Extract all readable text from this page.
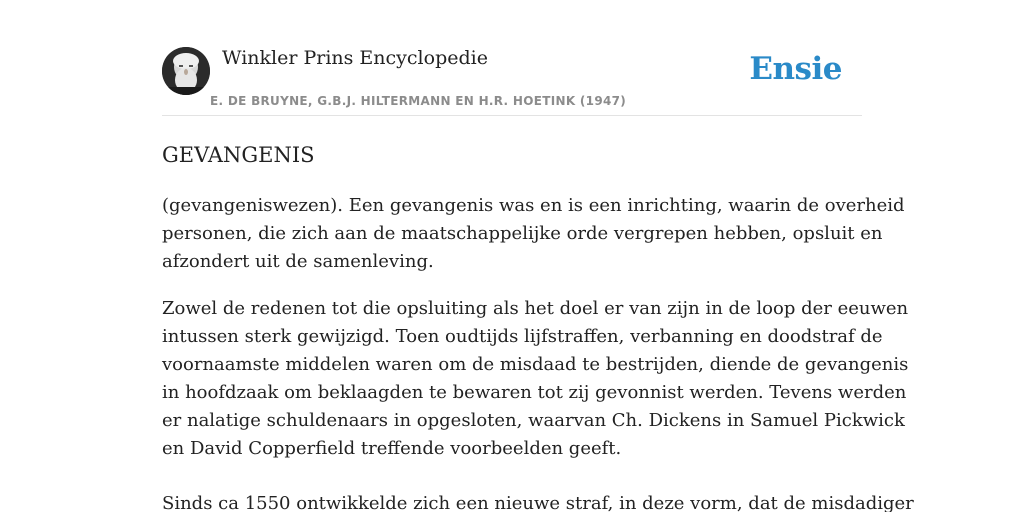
Winkler Prins Encyclopedie
E. DE BRUYNE, G.B.J. HILTERMANN EN H.R. HOETINK (1947)
Ensie
GEVANGENIS
(gevangeniswezen). Een gevangenis was en is een inrichting, waarin de overheid
personen, die zich aan de maatschappelijke orde vergrepen hebben, opsluit en
afzondert uit de samenleving.
Zowel de redenen tot die opsluiting als het doel er van zijn in de loop der eeuwen
intussen sterk gewijzigd. Toen oudtijds lijfstraffen, verbanning en doodstraf de
voornaamste middelen waren om de misdaad te bestrijden, diende de gevangenis
in hoofdzaak om beklaagden te bewaren tot zij gevonnist werden. Tevens werden
er nalatige schuldenaars in opgesloten, waarvan Ch. Dickens in Samuel Pickwick
en David Copperfield treffende voorbeelden geeft.
Sinds ca 1550 ontwikkelde zich een nieuwe straf, in deze vorm, dat de misdadiger
